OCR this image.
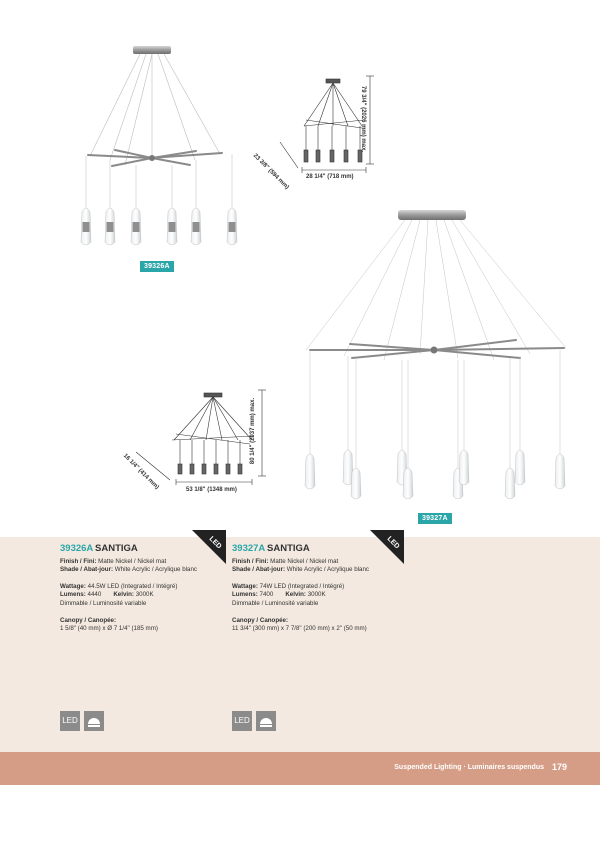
79 3/4" (2026 mm) max.
23 3/8" (594 mm)	28 1/4" (718 mm)
80 1/4" (2037 mm) max.
16 1/4" (414 mm)	53 1/8" (1348 mm)
39326A
39327A
LED	LED
39326A SANTIGA
Finish / Fini: Matte Nickel / Nickel mat
Shade / Abat-jour: White Acrylic / Acrylique blanc
Wattage: 44.5W LED (Integrated / Intégré)
Lumens: 4440 Kelvin: 3000K
Dimmable / Luminosité variable
Canopy / Canopée:
1 5/8" (40 mm) x Ø 7 1/4" (185 mm)
39327A SANTIGA
Finish / Fini: Matte Nickel / Nickel mat
Shade / Abat-jour: White Acrylic / Acrylique blanc
Wattage: 74W LED (Integrated / Intégré)
Lumens: 7400 Kelvin: 3000K
Dimmable / Luminosité variable
Canopy / Canopée:
11 3/4" (300 mm) x 7 7/8" (200 mm) x 2" (50 mm)
LED	LED
Suspended Lighting · Luminaires suspendus 179
